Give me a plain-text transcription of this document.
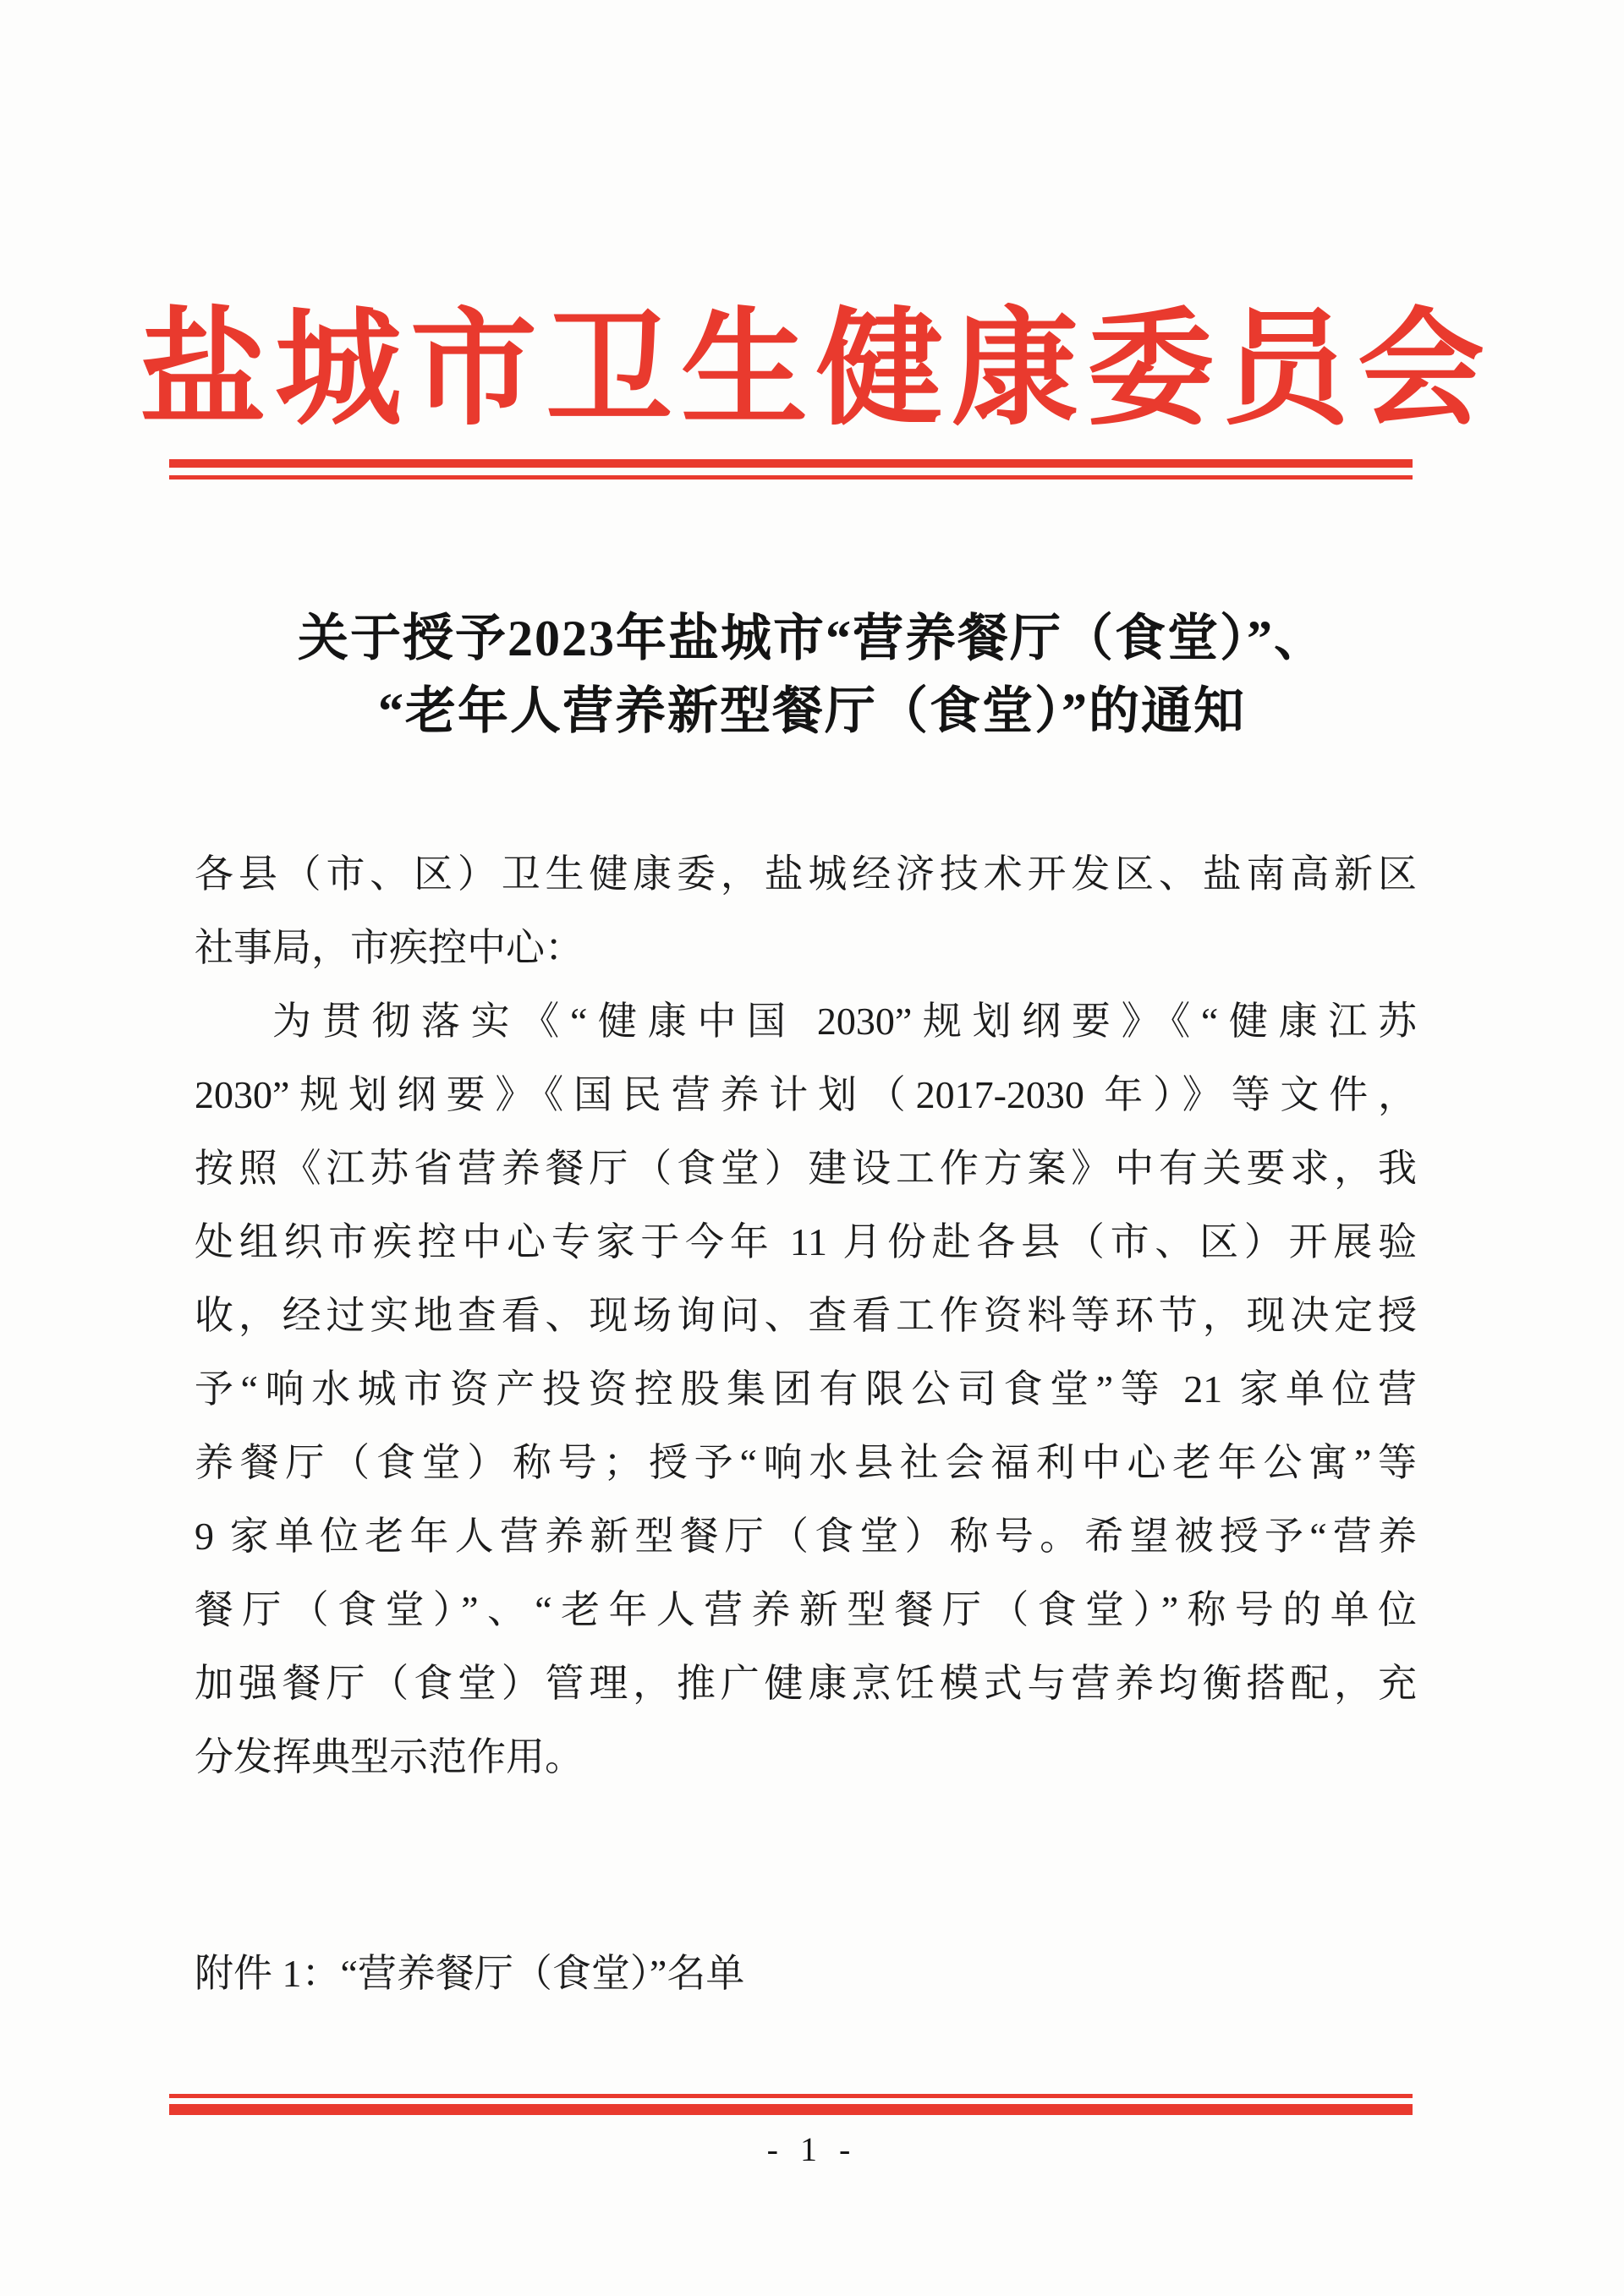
盐城市卫生健康委员会
关于授予2023年盐城市“营养餐厅（食堂）”、
“老年人营养新型餐厅（食堂）”的通知
各县（市、区）卫生健康委，盐城经济技术开发区、盐南高新区
社事局，市疾控中心：
为贯彻落实《“健康中国 2030”规划纲要》《“健康江苏
2030”规划纲要》《国民营养计划（2017-2030 年）》等文件，
按照《江苏省营养餐厅（食堂）建设工作方案》中有关要求，我
处组织市疾控中心专家于今年 11 月份赴各县（市、区）开展验
收，经过实地查看、现场询问、查看工作资料等环节，现决定授
予“响水城市资产投资控股集团有限公司食堂”等 21 家单位营
养餐厅（食堂）称号；授予“响水县社会福利中心老年公寓”等
9 家单位老年人营养新型餐厅（食堂）称号。希望被授予“营养
餐厅（食堂）”、“老年人营养新型餐厅（食堂）”称号的单位
加强餐厅（食堂）管理，推广健康烹饪模式与营养均衡搭配，充
分发挥典型示范作用。
附件 1：“营养餐厅（食堂）”名单
- 1 -
